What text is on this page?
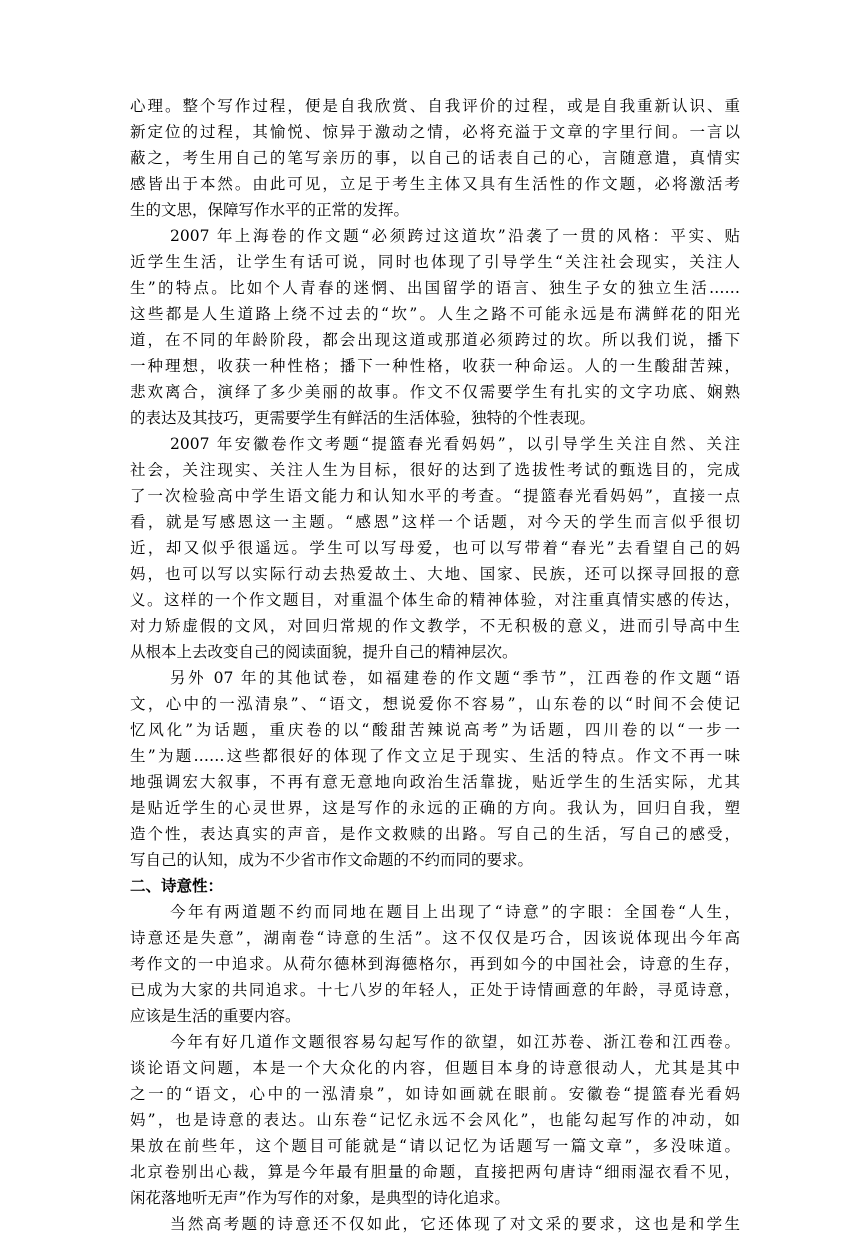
心理。整个写作过程，便是自我欣赏、自我评价的过程，或是自我重新认识、重
新定位的过程，其愉悦、惊异于激动之情，必将充溢于文章的字里行间。一言以
蔽之，考生用自己的笔写亲历的事，以自己的话表自己的心，言随意遣，真情实
感皆出于本然。由此可见，立足于考生主体又具有生活性的作文题，必将激活考
生的文思，保障写作水平的正常的发挥。
2007 年上海卷的作文题“必须跨过这道坎”沿袭了一贯的风格：平实、贴
近学生生活，让学生有话可说，同时也体现了引导学生“关注社会现实，关注人
生”的特点。比如个人青春的迷惘、出国留学的语言、独生子女的独立生活……
这些都是人生道路上绕不过去的“坎”。人生之路不可能永远是布满鲜花的阳光
道，在不同的年龄阶段，都会出现这道或那道必须跨过的坎。所以我们说，播下
一种理想，收获一种性格；播下一种性格，收获一种命运。人的一生酸甜苦辣，
悲欢离合，演绎了多少美丽的故事。作文不仅需要学生有扎实的文字功底、娴熟
的表达及其技巧，更需要学生有鲜活的生活体验，独特的个性表现。
2007 年安徽卷作文考题“提篮春光看妈妈”，以引导学生关注自然、关注
社会，关注现实、关注人生为目标，很好的达到了选拔性考试的甄选目的，完成
了一次检验高中学生语文能力和认知水平的考查。“提篮春光看妈妈”，直接一点
看，就是写感恩这一主题。“感恩”这样一个话题，对今天的学生而言似乎很切
近，却又似乎很遥远。学生可以写母爱，也可以写带着“春光”去看望自己的妈
妈，也可以写以实际行动去热爱故土、大地、国家、民族，还可以探寻回报的意
义。这样的一个作文题目，对重温个体生命的精神体验，对注重真情实感的传达，
对力矫虚假的文风，对回归常规的作文教学，不无积极的意义，进而引导高中生
从根本上去改变自己的阅读面貌，提升自己的精神层次。
另外 07 年的其他试卷，如福建卷的作文题“季节”，江西卷的作文题“语
文，心中的一泓清泉”、“语文，想说爱你不容易”，山东卷的以“时间不会使记
忆风化”为话题，重庆卷的以“酸甜苦辣说高考”为话题，四川卷的以“一步一
生”为题……这些都很好的体现了作文立足于现实、生活的特点。作文不再一味
地强调宏大叙事，不再有意无意地向政治生活靠拢，贴近学生的生活实际，尤其
是贴近学生的心灵世界，这是写作的永远的正确的方向。我认为，回归自我，塑
造个性，表达真实的声音，是作文救赎的出路。写自己的生活，写自己的感受，
写自己的认知，成为不少省市作文命题的不约而同的要求。
二、诗意性：
今年有两道题不约而同地在题目上出现了“诗意”的字眼：全国卷“人生，
诗意还是失意”，湖南卷“诗意的生活”。这不仅仅是巧合，因该说体现出今年高
考作文的一中追求。从荷尔德林到海德格尔，再到如今的中国社会，诗意的生存，
已成为大家的共同追求。十七八岁的年轻人，正处于诗情画意的年龄，寻觅诗意，
应该是生活的重要内容。
今年有好几道作文题很容易勾起写作的欲望，如江苏卷、浙江卷和江西卷。
谈论语文问题，本是一个大众化的内容，但题目本身的诗意很动人，尤其是其中
之一的“语文，心中的一泓清泉”，如诗如画就在眼前。安徽卷“提篮春光看妈
妈”，也是诗意的表达。山东卷“记忆永远不会风化”，也能勾起写作的冲动，如
果放在前些年，这个题目可能就是“请以记忆为话题写一篇文章”，多没味道。
北京卷别出心裁，算是今年最有胆量的命题，直接把两句唐诗“细雨湿衣看不见，
闲花落地听无声”作为写作的对象，是典型的诗化追求。
当然高考题的诗意还不仅如此，它还体现了对文采的要求，这也是和学生
